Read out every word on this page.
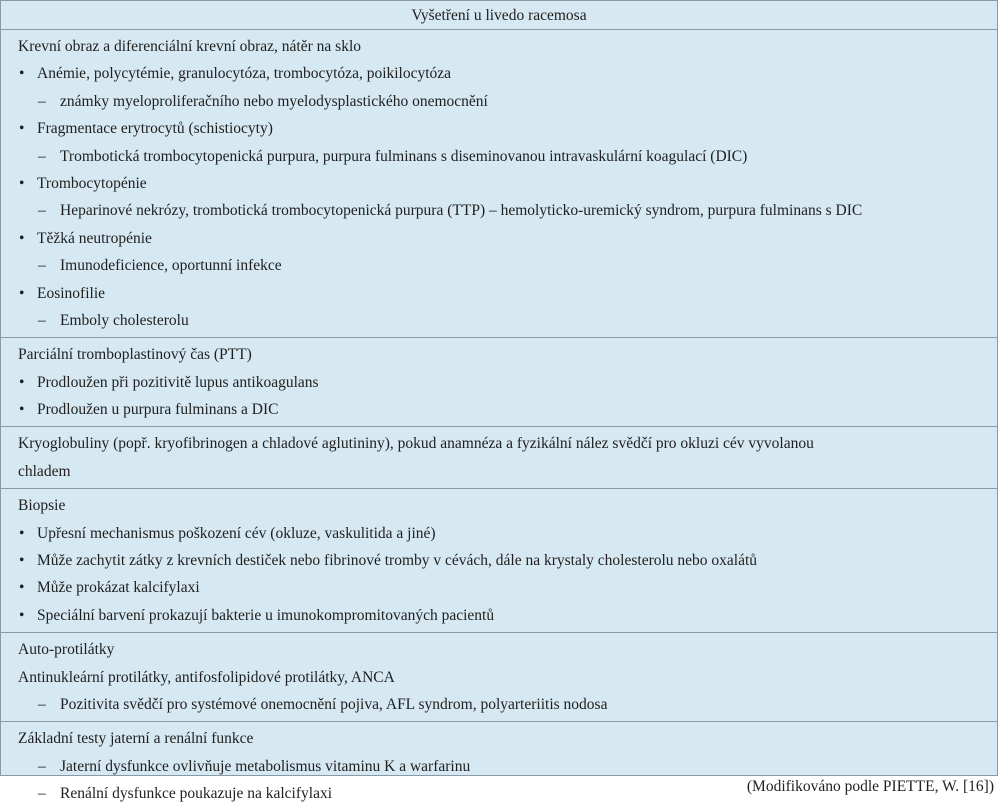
Vyšetření u livedo racemosa
Krevní obraz a diferenciální krevní obraz, nátěr na sklo
• Anémie, polycytémie, granulocytóza, trombocytóza, poikilocytóza
– známky myeloproliferačního nebo myelodysplastického onemocnění
• Fragmentace erytrocytů (schistiocyty)
– Trombotická trombocytopenická purpura, purpura fulminans s diseminovanou intravaskulární koagulací (DIC)
• Trombocytopénie
– Heparinové nekrózy, trombotická trombocytopenická purpura (TTP) – hemolyticko-uremický syndrom, purpura fulminans s DIC
• Těžká neutropénie
– Imunodeficience, oportunní infekce
• Eosinofilie
– Emboly cholesterolu
Parciální tromboplastinový čas (PTT)
• Prodloužen při pozitivitě lupus antikoagulans
• Prodloužen u purpura fulminans a DIC
Kryoglobuliny (popř. kryofibrinogen a chladové aglutininy), pokud anamnéza a fyzikální nález svědčí pro okluzi cév vyvolanou
chladem
Biopsie
• Upřesní mechanismus poškození cév (okluze, vaskulitida a jiné)
• Může zachytit zátky z krevních destiček nebo fibrinové tromby v cévách, dále na krystaly cholesterolu nebo oxalátů
• Může prokázat kalcifylaxi
• Speciální barvení prokazují bakterie u imunokompromitovaných pacientů
Auto-protilátky
Antinukleární protilátky, antifosfolipidové protilátky, ANCA
– Pozitivita svědčí pro systémové onemocnění pojiva, AFL syndrom, polyarteriitis nodosa
Základní testy jaterní a renální funkce
– Jaterní dysfunkce ovlivňuje metabolismus vitaminu K a warfarinu
– Renální dysfunkce poukazuje na kalcifylaxi	(Modifikováno podle PIETTE, W. [16])
